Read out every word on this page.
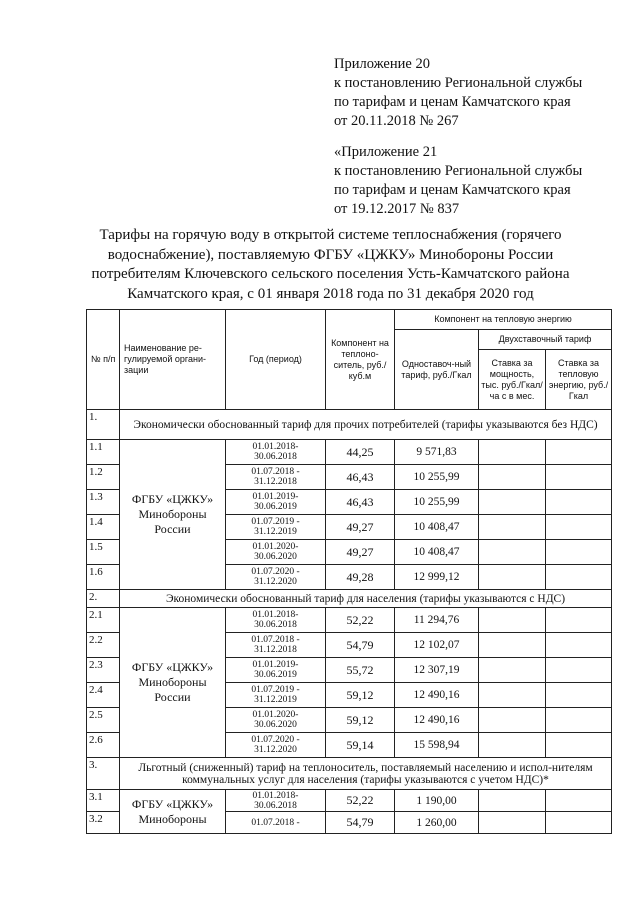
Приложение 20
к постановлению Региональной службы
по тарифам и ценам Камчатского края
от 20.11.2018 № 267
«Приложение 21
к постановлению Региональной службы
по тарифам и ценам Камчатского края
от 19.12.2017 № 837
Тарифы на горячую воду в открытой системе теплоснабжения (горячего
водоснабжение), поставляемую ФГБУ «ЦЖКУ» Минобороны России
потребителям Ключевского сельского поселения Усть-Камчатского района
Камчатского края, с 01 января 2018 года по 31 декабря 2020 год
№ п/п	Наименование ре-гулируемой органи-зации	Год (период)	Компонент на теплоно-ситель, руб./куб.м	Компонент на тепловую энергию		
				Одноставоч-ный тариф, руб./Гкал	Двухставочный тариф	
					Ставка за мощность, тыс. руб./Гкал/ча с в мес.	Ставка за тепловую энергию, руб./Гкал
1.	Экономически обоснованный тариф для прочих потребителей (тарифы указываются без НДС)					
1.1	ФГБУ «ЦЖКУ» Минобороны России	01.01.2018-
30.06.2018	44,25	9 571,83		
1.2		01.07.2018 -
31.12.2018	46,43	10 255,99		
1.3		01.01.2019-
30.06.2019	46,43	10 255,99		
1.4		01.07.2019 -
31.12.2019	49,27	10 408,47		
1.5		01.01.2020-
30.06.2020	49,27	10 408,47		
1.6		01.07.2020 -
31.12.2020	49,28	12 999,12		
2.	Экономически обоснованный тариф для населения (тарифы указываются с НДС)					
2.1	ФГБУ «ЦЖКУ» Минобороны России	01.01.2018-
30.06.2018	52,22	11 294,76		
2.2		01.07.2018 -
31.12.2018	54,79	12 102,07		
2.3		01.01.2019-
30.06.2019	55,72	12 307,19		
2.4		01.07.2019 -
31.12.2019	59,12	12 490,16		
2.5		01.01.2020-
30.06.2020	59,12	12 490,16		
2.6		01.07.2020 -
31.12.2020	59,14	15 598,94		
3.	Льготный (сниженный) тариф на теплоноситель, поставляемый населению и испол-нителям коммунальных услуг для населения (тарифы указываются с учетом НДС)*					
3.1	ФГБУ «ЦЖКУ» Минобороны	01.01.2018-
30.06.2018	52,22	1 190,00		
3.2		01.07.2018 -	54,79	1 260,00		
